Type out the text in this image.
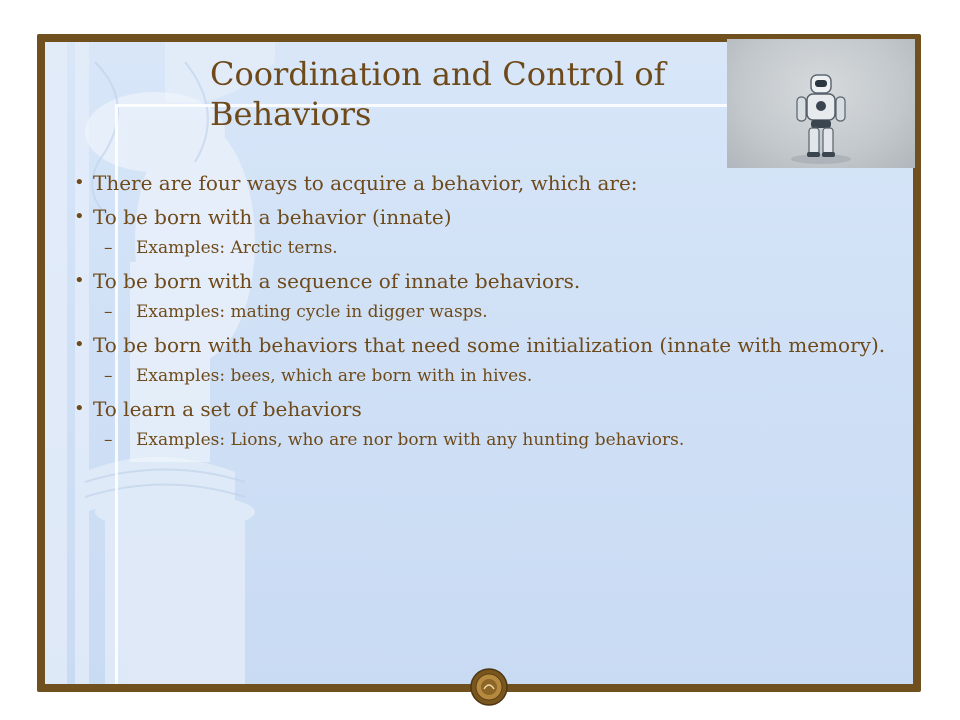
Coordination and Control of
Behaviors
• There are four ways to acquire a behavior, which are:
• To be born with a behavior (innate)
– Examples: Arctic terns.
• To be born with a sequence of innate behaviors.
– Examples: mating cycle in digger wasps.
• To be born with behaviors that need some initialization (innate with memory).
– Examples: bees, which are born with in hives.
• To learn a set of behaviors
– Examples: Lions, who are nor born with any hunting behaviors.
